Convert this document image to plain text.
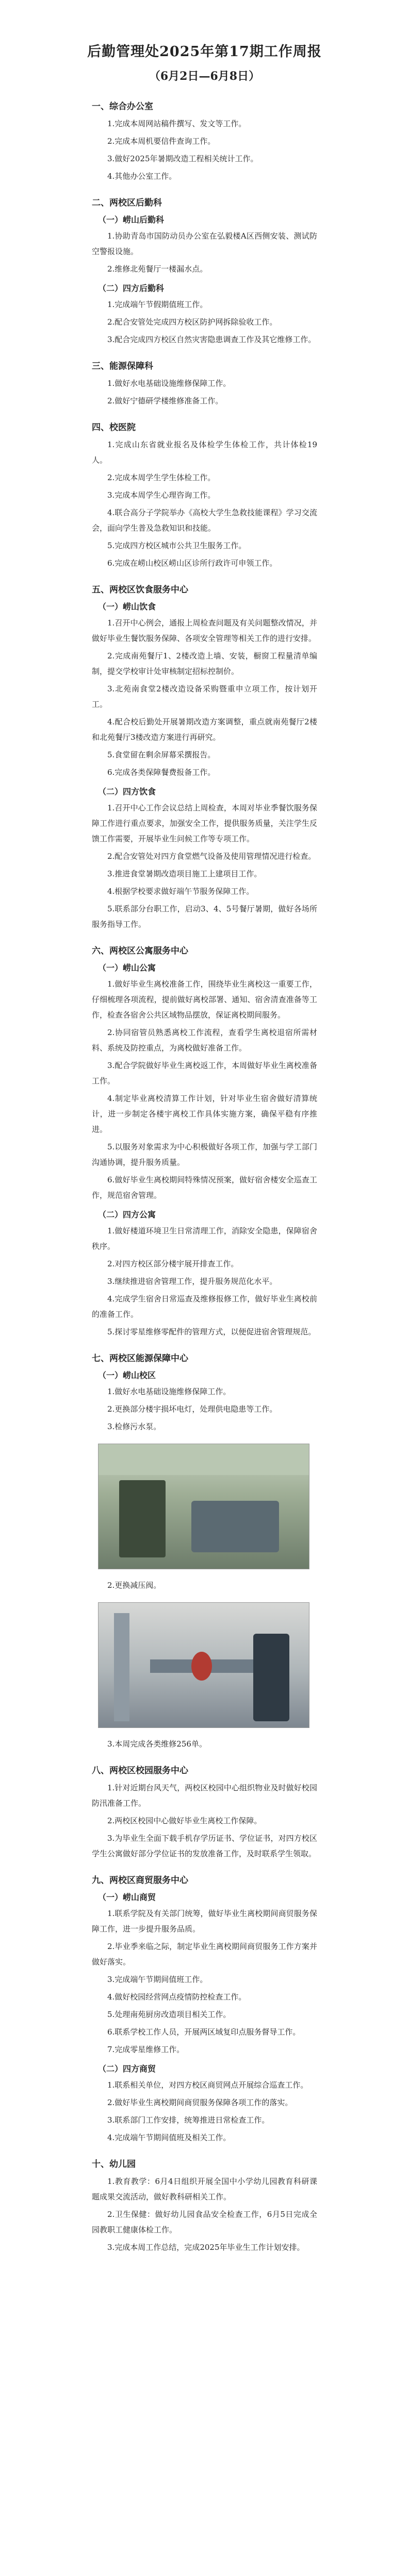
后勤管理处2025年第17期工作周报
（6月2日—6月8日）
一、综合办公室

1.完成本周网站稿件撰写、发文等工作。

2.完成本周机要信件查询工作。

3.做好2025年暑期改造工程相关统计工作。

4.其他办公室工作。

二、两校区后勤科
（一）崂山后勤科

1.协助青岛市国防动员办公室在弘毅楼A区西侧安装、测试防空警报设施。

2.维修北苑餐厅一楼漏水点。

（二）四方后勤科

1.完成端午节假期值班工作。

2.配合安管处完成四方校区防护网拆除验收工作。

3.配合完成四方校区自然灾害隐患调查工作及其它维修工作。

三、能源保障科

1.做好水电基础设施维修保障工作。

2.做好宁德研学楼维修准备工作。

四、校医院

1.完成山东省就业报名及体检学生体检工作，共计体检19人。

2.完成本周学生学生体检工作。

3.完成本周学生心理咨询工作。

4.联合高分子学院举办《高校大学生急救技能课程》学习交流会，面向学生普及急救知识和技能。

5.完成四方校区城市公共卫生服务工作。

6.完成在崂山校区崂山区诊所行政许可申领工作。

五、两校区饮食服务中心
（一）崂山饮食

1.召开中心例会，通报上周检查问题及有关问题整改情况，并做好毕业生餐饮服务保障、各项安全管理等相关工作的进行安排。

2.完成南苑餐厅1、2楼改造上墙、安装，橱窗工程量清单编制，提交学校审计处审核制定招标控制价。

3.北苑南食堂2楼改造设备采购暨重申立项工作，按计划开工。

4.配合校后勤处开展暑期改造方案调整，重点就南苑餐厅2楼和北苑餐厅3楼改造方案进行再研究。

5.食堂留在剩余屏幕采撰报告。

6.完成各类保障餐费报备工作。

（二）四方饮食

1.召开中心工作会议总结上周检查，本周对毕业季餐饮服务保障工作进行重点要求，加强安全工作，提供服务质量，关注学生反馈工作需要，开展毕业生问候工作等专项工作。

2.配合安管处对四方食堂燃气设备及使用管理情况进行检查。

3.推进食堂暑期改造项目施工上建项目工作。

4.根据学校要求做好端午节服务保障工作。

5.联系部分台职工作，启动3、4、5号餐厅暑期，做好各场所服务指导工作。

六、两校区公寓服务中心
（一）崂山公寓

1.做好毕业生离校准备工作，围绕毕业生离校这一重要工作，仔细梳理各项流程，提前做好离校部署、通知、宿舍清查准备等工作，检查各宿舍公共区域物品摆放，保证离校期间服务。

2.协同宿管员熟悉离校工作流程，查看学生离校退宿所需材料、系统及防控重点，为离校做好准备工作。

3.配合学院做好毕业生离校返工作，本周做好毕业生离校准备工作。

4.制定毕业离校清算工作计划，针对毕业生宿舍做好清算统计，进一步制定各楼宇离校工作具体实施方案，确保平稳有序推进。

5.以服务对象需求为中心积极做好各项工作，加强与学工部门沟通协调，提升服务质量。

6.做好毕业生离校期间特殊情况预案，做好宿舍楼安全巡查工作，规范宿舍管理。

（二）四方公寓

1.做好楼道环境卫生日常清理工作，消除安全隐患，保障宿舍秩序。

2.对四方校区部分楼宇展开排查工作。

3.继续推进宿舍管理工作，提升服务规范化水平。

4.完成学生宿舍日常巡查及维修报修工作，做好毕业生离校前的准备工作。

5.探讨零星维修零配件的管理方式，以便促进宿舍管理规范。

七、两校区能源保障中心
（一）崂山校区

1.做好水电基础设施维修保障工作。

2.更换部分楼宇损坏电灯，处理供电隐患等工作。

3.检修污水泵。

2.更换减压阀。

3.本周完成各类维修256单。

八、两校区校园服务中心

1.针对近期台风天气，两校区校园中心组织物业及时做好校园防汛准备工作。

2.两校区校园中心做好毕业生离校工作保障。

3.为毕业生全面下载手机存学历证书、学位证书，对四方校区学生公寓做好部分学位证书的发放准备工作，及时联系学生领取。

九、两校区商贸服务中心
（一）崂山商贸

1.联系学院及有关部门统筹，做好毕业生离校期间商贸服务保障工作，进一步提升服务品质。

2.毕业季来临之际，制定毕业生离校期间商贸服务工作方案并做好落实。

3.完成端午节期间值班工作。

4.做好校园经营网点疫情防控检查工作。

5.处理南苑厨房改造项目相关工作。

6.联系学校工作人员，开展两区域复印点服务督导工作。

7.完成零星维修工作。

（二）四方商贸

1.联系相关单位，对四方校区商贸网点开展综合巡查工作。

2.做好毕业生离校期间商贸服务保障各项工作的落实。

3.联系部门工作安排，统筹推进日常检查工作。

4.完成端午节期间值班及相关工作。

十、幼儿园

1.教育教学：6月4日组织开展全国中小学幼儿园教育科研课题成果交流活动，做好教科研相关工作。

2.卫生保健：做好幼儿园食品安全检查工作，6月5日完成全园教职工健康体检工作。

3.完成本周工作总结，完成2025年毕业生工作计划安排。
